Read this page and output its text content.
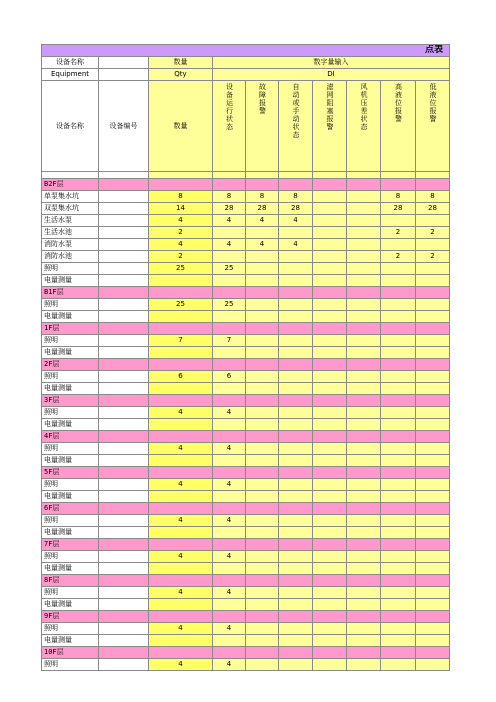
点表									

设备名称		数量	数字量输入						
Equipment		Qty	DI						
设备名称	设备编号	数量	设备运行状态	故障报警	自动或手动状态	滤网阻塞报警	风机压差状态	高液位报警	低液位报警

B2F层									
单泵集水坑		8	8	8	8			8	8
双泵集水坑		14	28	28	28			28	28
生活水泵		4	4	4	4				
生活水池		2						2	2
消防水泵		4	4	4	4				
消防水池		2						2	2
照明		25	25						
电量测量									
B1F层									
照明		25	25						
电量测量									
1F层									
照明		7	7						
电量测量									
2F层									
照明		6	6						
电量测量									
3F层									
照明		4	4						
电量测量									
4F层									
照明		4	4						
电量测量									
5F层									
照明		4	4						
电量测量									
6F层									
照明		4	4						
电量测量									
7F层									
照明		4	4						
电量测量									
8F层									
照明		4	4						
电量测量									
9F层									
照明		4	4						
电量测量									
10F层									
照明		4	4						
